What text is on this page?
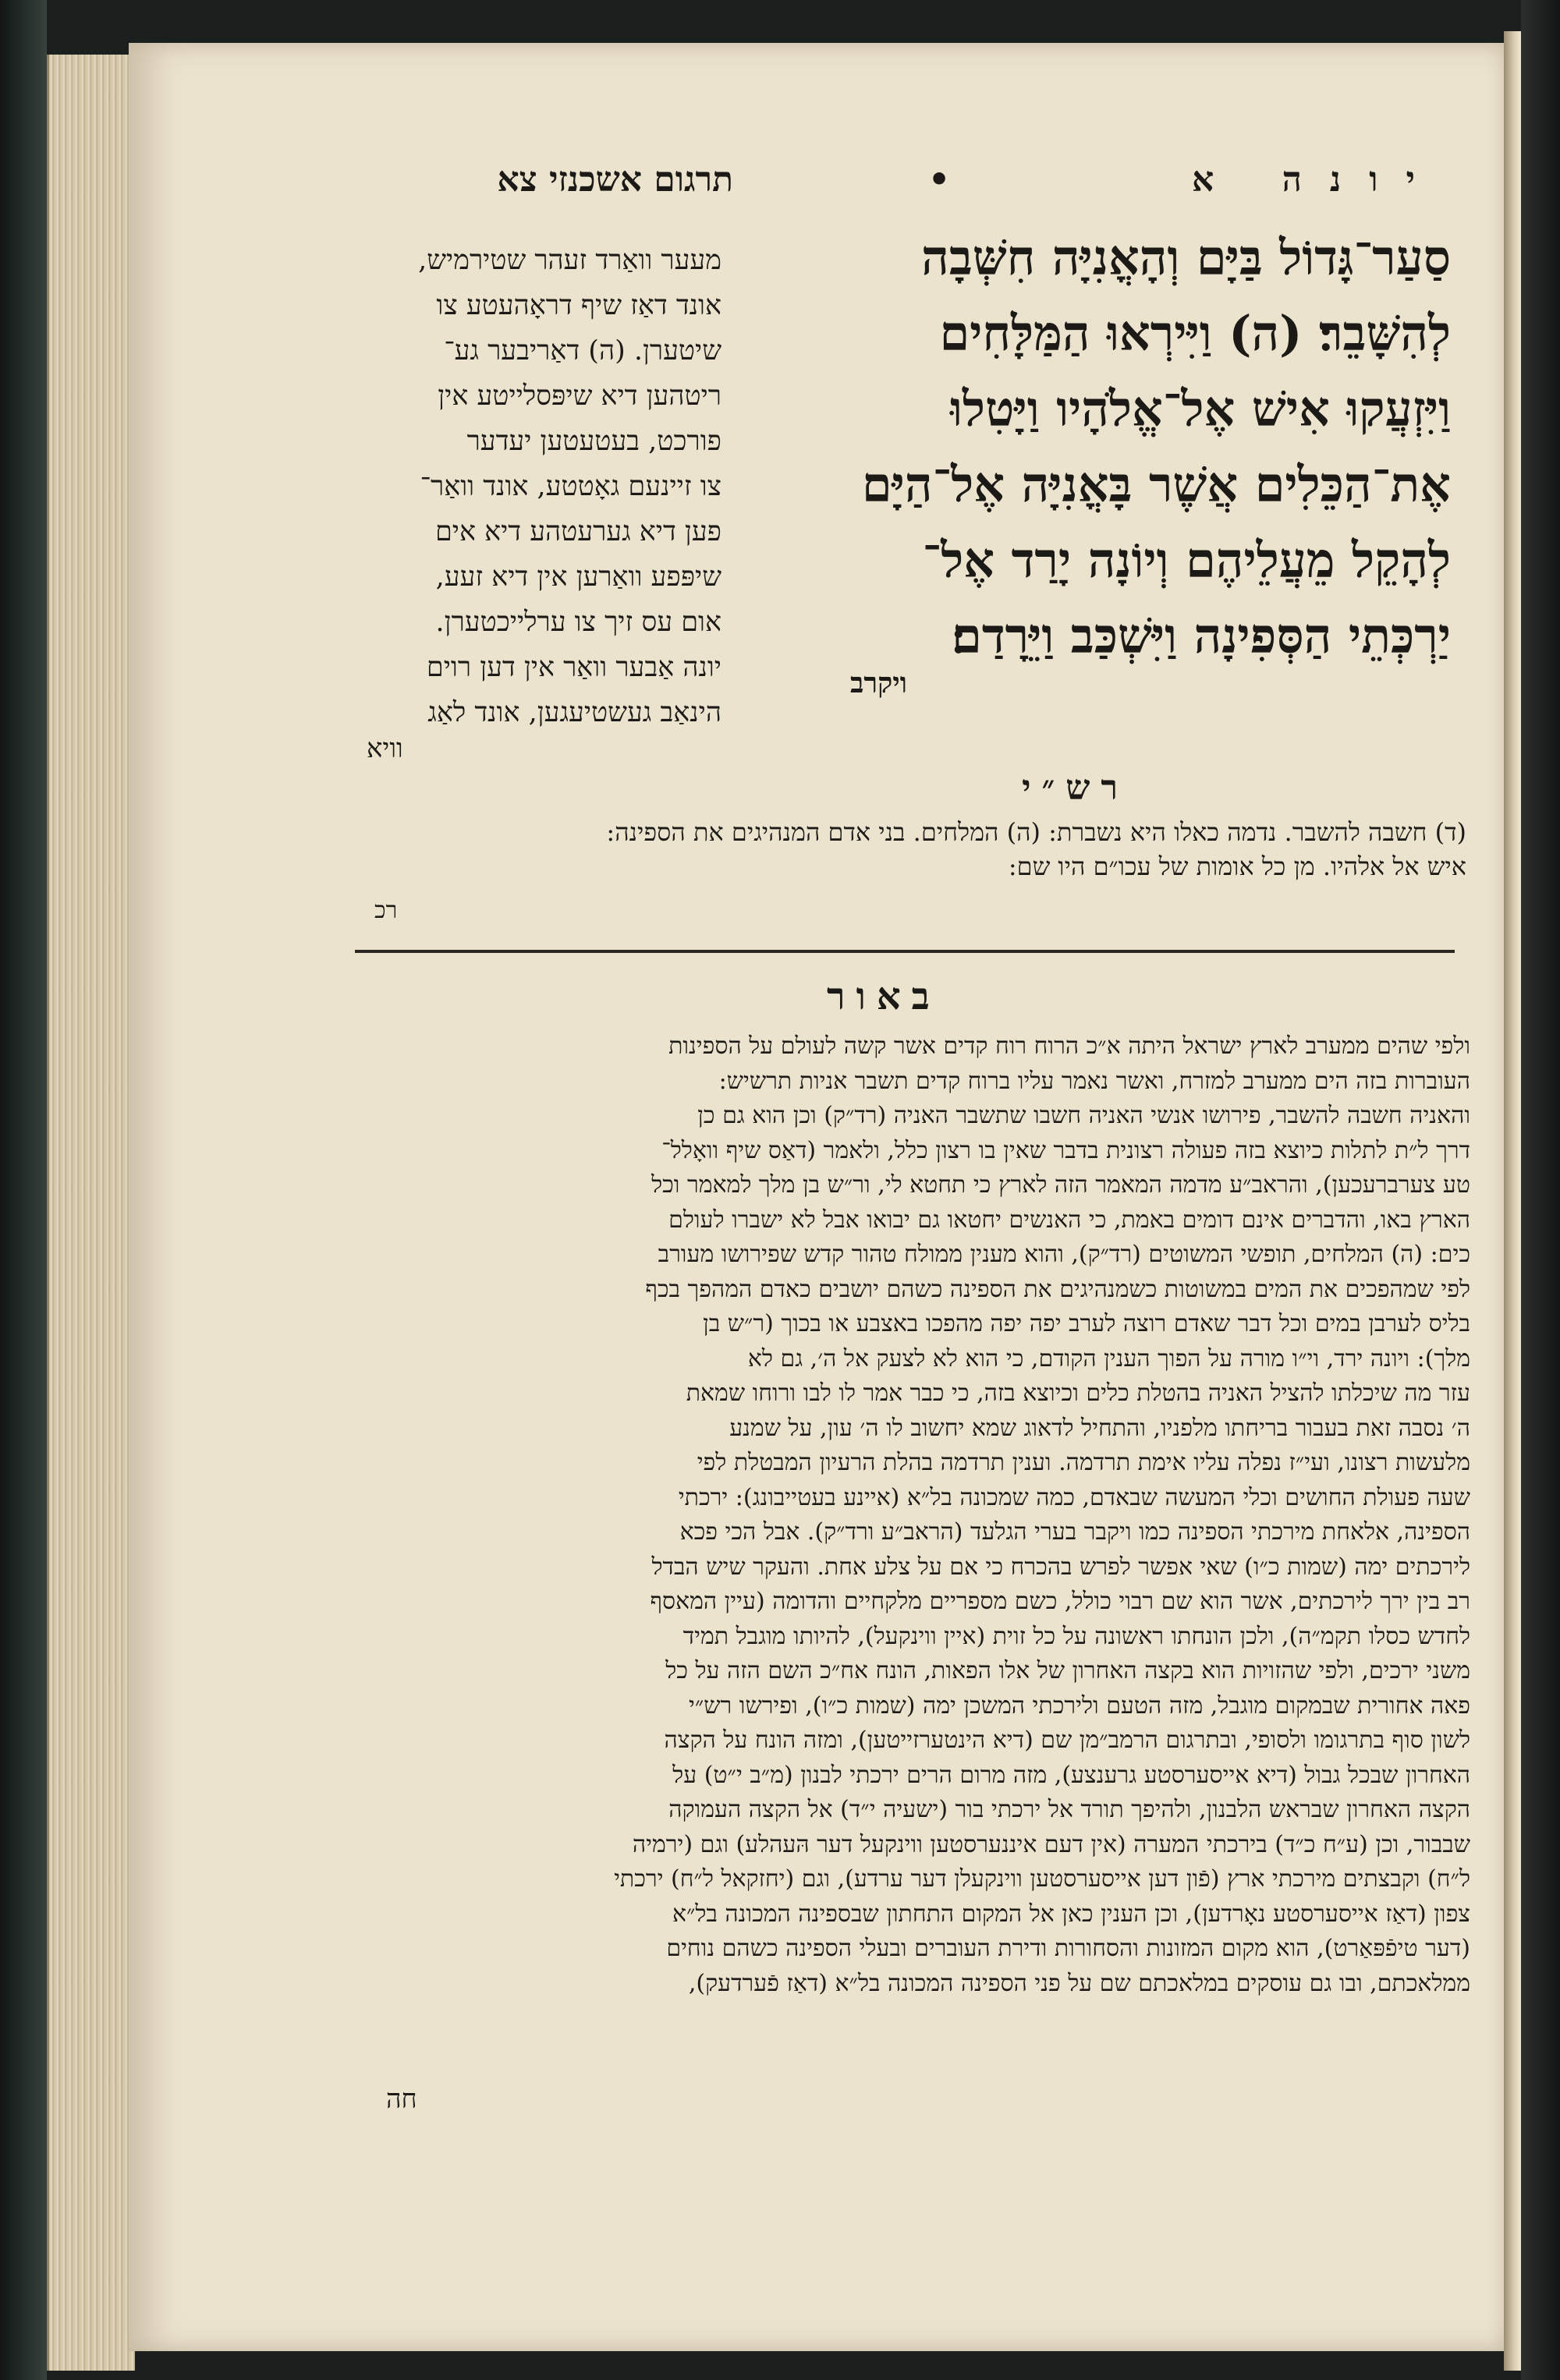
תרגום אשכנזי צא	•	יונה א
סַעַר־גָּדוֹל בַּיָּם וְהָאֳנִיָּה חִשְּׁבָה
לְהִשָּׁבֵר׃ (ה) וַיִּירְאוּ הַמַּלָּחִים
וַיִּזְעֲקוּ אִישׁ אֶל־אֱלֹהָיו וַיָּטִלוּ
אֶת־הַכֵּלִים אֲשֶׁר בָּאֳנִיָּה אֶל־הַיָּם
לְהָקֵל מֵעֲלֵיהֶם וְיוֹנָה יָרַד אֶל־
יַרְכְּתֵי הַסְּפִינָה וַיִּשְׁכַּב וַיֵּרָדַם׃
ויקרב
מעער וואַרד זעהר שטירמיש,
אונד דאַז שיף דראָהעטע צו
שיטערן. (ה) דאַריבער גע־
ריטהען דיא שיפּסלייטע אין
פורכט, בעטעטען יעדער
צו זיינעם גאָטטע, אונד וואַר־
פען דיא גערעטהע דיא אים
שיפּפע וואַרען אין דיא זעע,
אום עס זיך צו ערלייכטערן.
יונה אַבער וואַר אין דען רוים
הינאַב געשטיעגען, אונד לאַג
וויא
רש״י
(ד) חשבה להשבר. נדמה כאלו היא נשברת: (ה) המלחים. בני אדם המנהיגים את הספינה:
איש אל אלהיו. מן כל אומות של עכו״ם היו שם:
רכ
באור
ולפי שהים ממערב לארץ ישראל היתה א״כ הרוח רוח קדים אשר קשה לעולם על הספינות
העוברות בזה הים ממערב למזרח, ואשר נאמר עליו ברוח קדים תשבר אניות תרשיש:
והאניה חשבה להשבר, פירושו אנשי האניה חשבו שתשבר האניה (רד״ק) וכן הוא גם כן
דרך ל״ת לתלות כיוצא בזה פעולה רצונית בדבר שאין בו רצון כלל, ולאמר (דאַס שיף וואָלל־
טע צערברעכען), והראב״ע מדמה המאמר הזה לארץ כי תחטא לי, ור״ש בן מלך למאמר וכל
הארץ באו, והדברים אינם דומים באמת, כי האנשים יחטאו גם יבואו אבל לא ישברו לעולם
כים: (ה) המלחים, תופשי המשוטים (רד״ק), והוא מענין ממולח טהור קדש שפירושו מעורב
לפי שמהפכים את המים במשוטות כשמנהיגים את הספינה כשהם יושבים כאדם המהפך בכף
בליס לערבן במים וכל דבר שאדם רוצה לערב יפה יפה מהפכו באצבע או בכוך (ר״ש בן
מלך): ויונה ירד, וי״ו מורה על הפוך הענין הקודם, כי הוא לא לצעק אל ה׳, גם לא
עזר מה שיכלתו להציל האניה בהטלת כלים וכיוצא בזה, כי כבר אמר לו לבו ורוחו שמאת
ה׳ נסבה זאת בעבור בריחתו מלפניו, והתחיל לדאוג שמא יחשוב לו ה׳ עון, על שמנע
מלעשות רצונו, ועי״ז נפלה עליו אימת תרדמה. וענין תרדמה בהלת הרעיון המבטלת לפי
שעה פעולת החושים וכלי המעשה שבאדם, כמה שמכונה בל״א (איינע בעטייבונג): ירכתי
הספינה, אלאחת מירכתי הספינה כמו ויקבר בערי הגלעד (הראב״ע ורד״ק). אבל הכי פכא
לירכתים ימה (שמות כ״ו) שאי אפשר לפרש בהכרח כי אם על צלע אחת. והעקר שיש הבדל
רב בין ירך לירכתים, אשר הוא שם רבוי כולל, כשם מספריים מלקחיים והדומה (עיין המאסף
לחדש כסלו תקמ״ה), ולכן הונחתו ראשונה על כל זוית (איין ווינקעל), להיותו מוגבל תמיד
משני ירכים, ולפי שהזויות הוא בקצה האחרון של אלו הפאות, הונח אח״כ השם הזה על כל
פאה אחורית שבמקום מוגבל, מזה הטעם ולירכתי המשכן ימה (שמות כ״ו), ופירשו רש״י
לשון סוף בתרגומו ולסופי, ובתרגום הרמב״מן שם (דיא הינטערזייטען), ומזה הונח על הקצה
האחרון שבכל גבול (דיא אייסערסטע גרענצע), מזה מרום הרים ירכתי לבנון (מ״ב י״ט) על
הקצה האחרון שבראש הלבנון, ולהיפך תורד אל ירכתי בור (ישעיה י״ד) אל הקצה העמוקה
שבבור, וכן (ע״ח כ״ד) בירכתי המערה (אין דעם איננערסטען ווינקעל דער הּעהלע) וגם (ירמיה
ל״ח) וקבצתים מירכתי ארץ (פֿון דען אייסערסטען ווינקעלן דער ערדע), וגם (יחזקאל ל״ח) ירכתי
צפון (דאַז אייסערסטע נאָרדען), וכן הענין כאן אל המקום התחתון שבספינה המכונה בל״א
(דער טיפֿפּאַרט), הוא מקום המזונות והסחורות ודירת העוברים ובעלי הספינה כשהם נוחים
ממלאכתם, ובו גם עוסקים במלאכתם שם על פני הספינה המכונה בל״א (דאַז פֿערדעק),
חה
